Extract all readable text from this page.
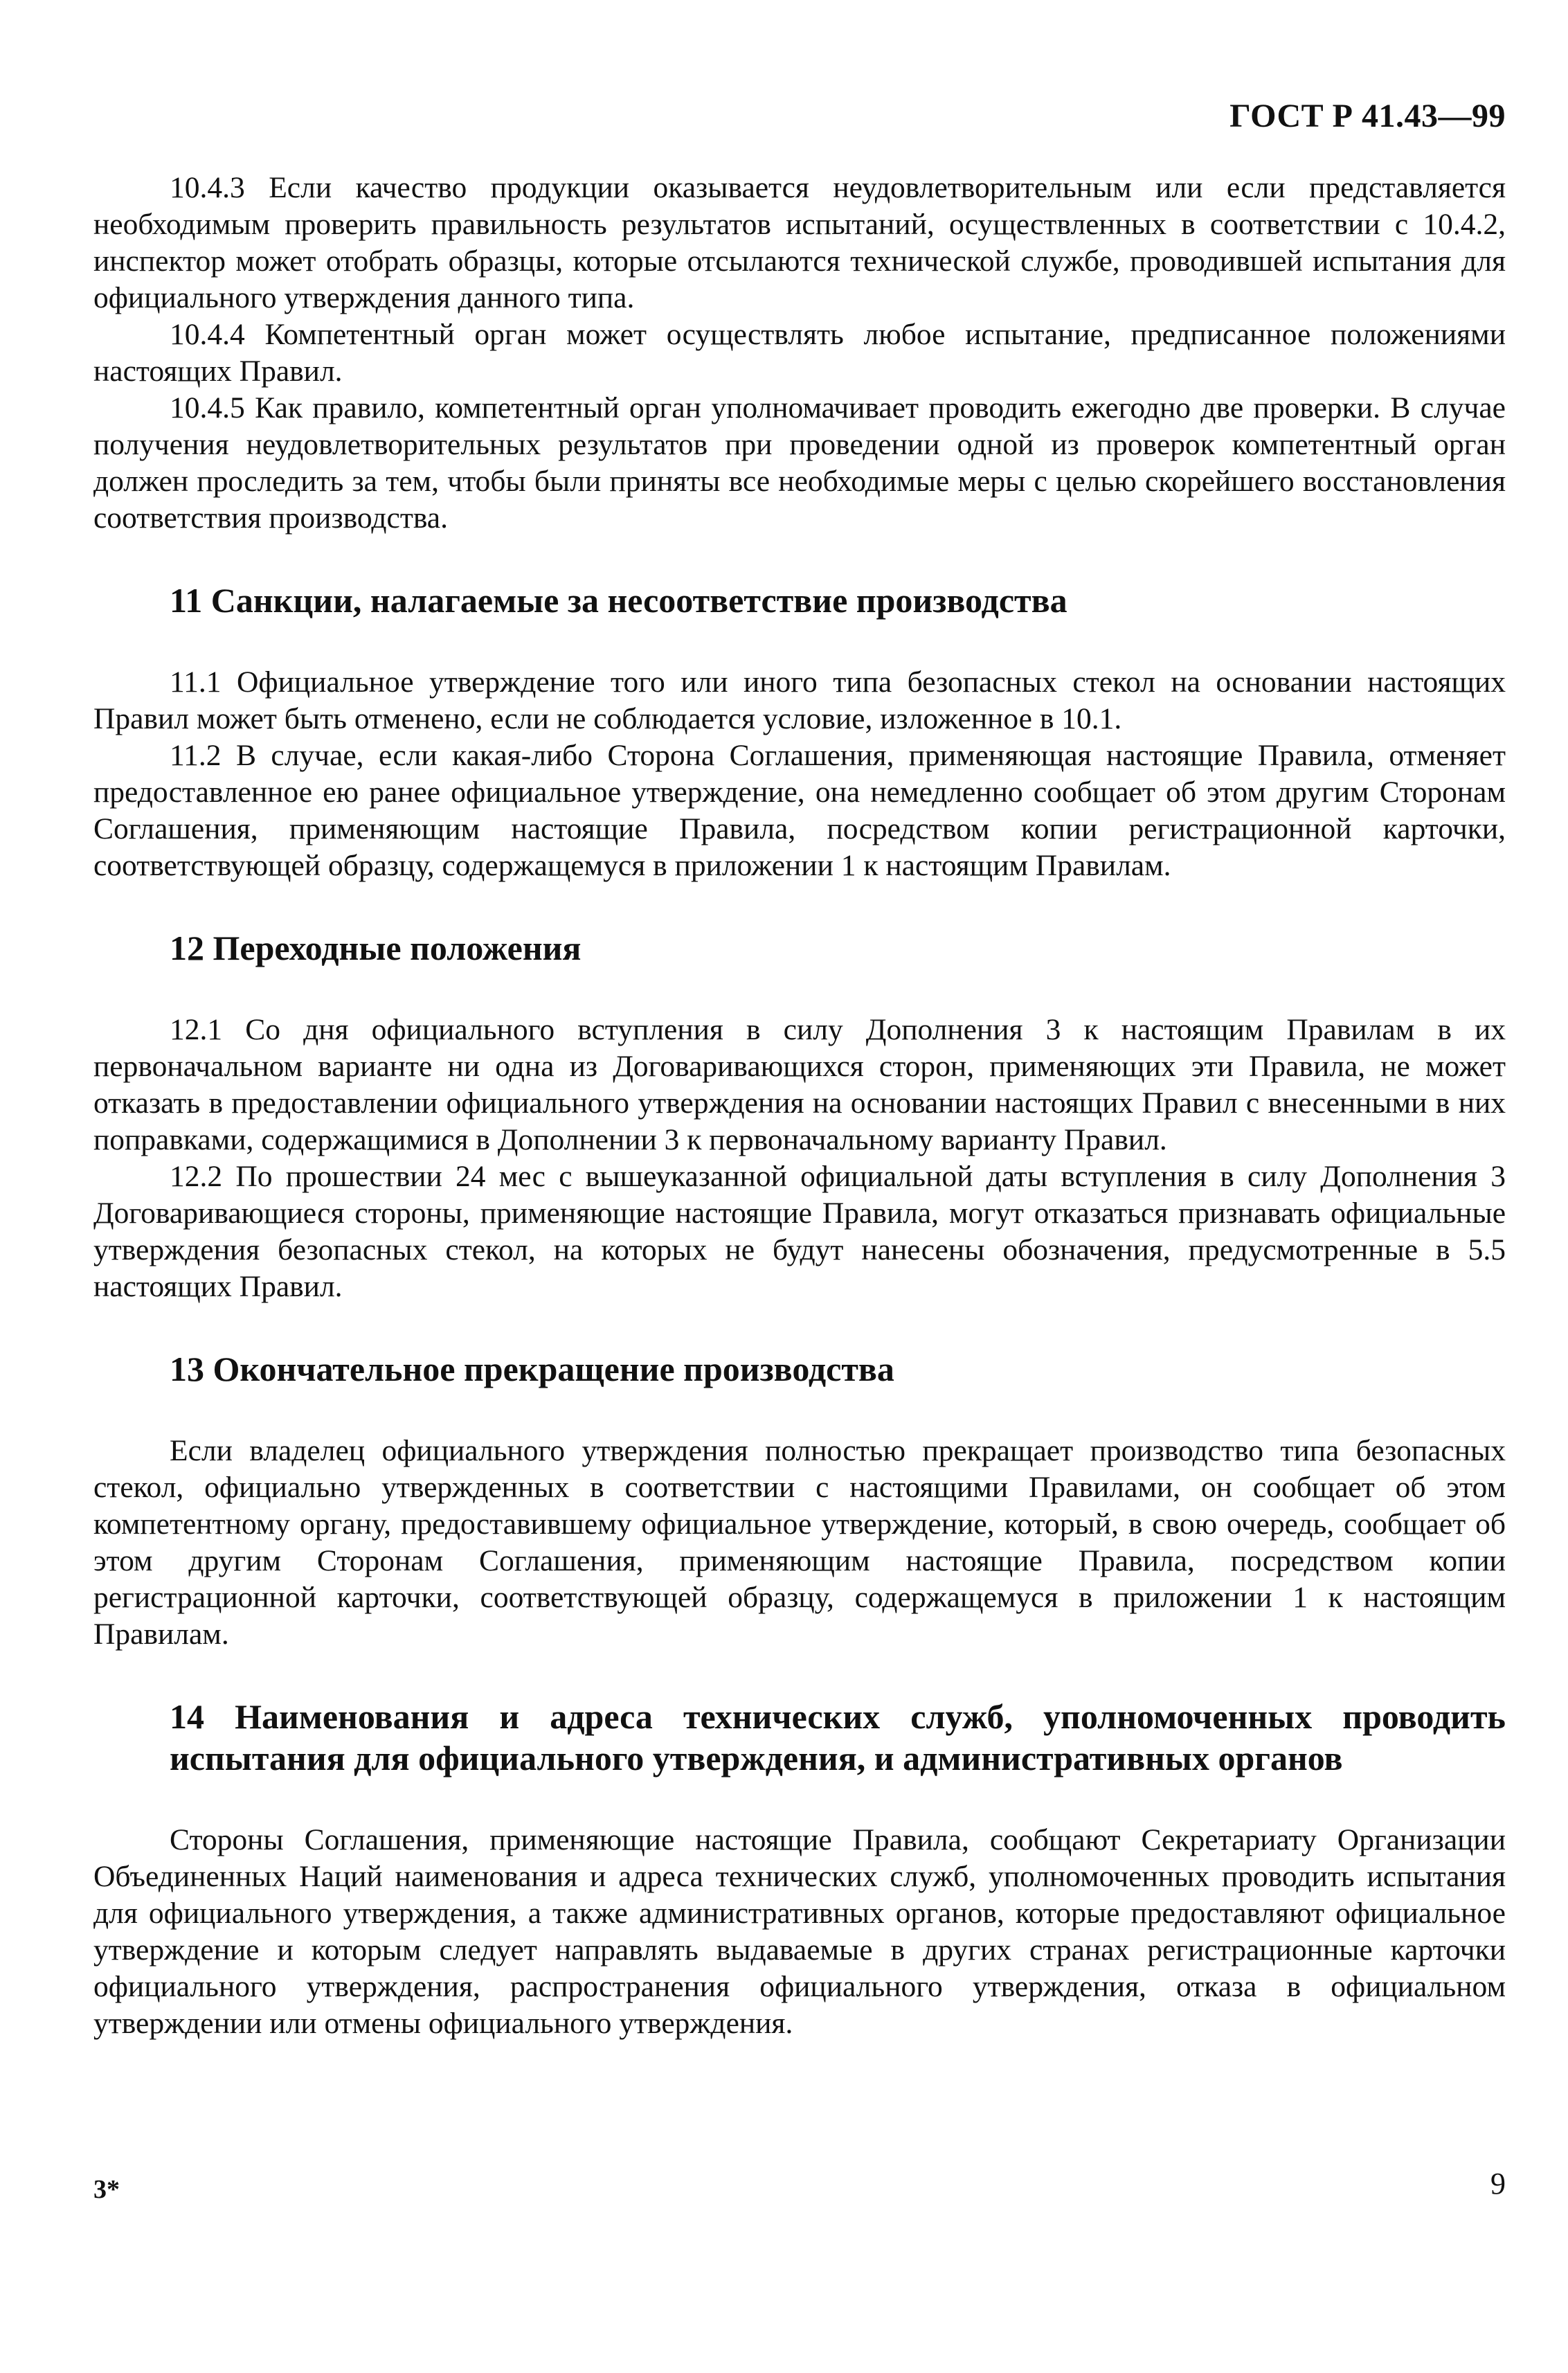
ГОСТ Р 41.43—99

10.4.3 Если качество продукции оказывается неудовлетворительным или если представляется необходимым проверить правильность результатов испытаний, осуществленных в соответствии с 10.4.2, инспектор может отобрать образцы, которые отсылаются технической службе, проводившей испытания для официального утверждения данного типа.

10.4.4 Компетентный орган может осуществлять любое испытание, предписанное положениями настоящих Правил.

10.4.5 Как правило, компетентный орган уполномачивает проводить ежегодно две проверки. В случае получения неудовлетворительных результатов при проведении одной из проверок компетентный орган должен проследить за тем, чтобы были приняты все необходимые меры с целью скорейшего восстановления соответствия производства.

11 Санкции, налагаемые за несоответствие производства

11.1 Официальное утверждение того или иного типа безопасных стекол на основании настоящих Правил может быть отменено, если не соблюдается условие, изложенное в 10.1.

11.2 В случае, если какая-либо Сторона Соглашения, применяющая настоящие Правила, отменяет предоставленное ею ранее официальное утверждение, она немедленно сообщает об этом другим Сторонам Соглашения, применяющим настоящие Правила, посредством копии регистрационной карточки, соответствующей образцу, содержащемуся в приложении 1 к настоящим Правилам.

12 Переходные положения

12.1 Со дня официального вступления в силу Дополнения 3 к настоящим Правилам в их первоначальном варианте ни одна из Договаривающихся сторон, применяющих эти Правила, не может отказать в предоставлении официального утверждения на основании настоящих Правил с внесенными в них поправками, содержащимися в Дополнении 3 к первоначальному варианту Правил.

12.2 По прошествии 24 мес с вышеуказанной официальной даты вступления в силу Дополнения 3 Договаривающиеся стороны, применяющие настоящие Правила, могут отказаться признавать официальные утверждения безопасных стекол, на которых не будут нанесены обозначения, предусмотренные в 5.5 настоящих Правил.

13 Окончательное прекращение производства

Если владелец официального утверждения полностью прекращает производство типа безопасных стекол, официально утвержденных в соответствии с настоящими Правилами, он сообщает об этом компетентному органу, предоставившему официальное утверждение, который, в свою очередь, сообщает об этом другим Сторонам Соглашения, применяющим настоящие Правила, посредством копии регистрационной карточки, соответствующей образцу, содержащемуся в приложении 1 к настоящим Правилам.

14 Наименования и адреса технических служб, уполномоченных проводить испытания для официального утверждения, и административных органов

Стороны Соглашения, применяющие настоящие Правила, сообщают Секретариату Организации Объединенных Наций наименования и адреса технических служб, уполномоченных проводить испытания для официального утверждения, а также административных органов, которые предоставляют официальное утверждение и которым следует направлять выдаваемые в других странах регистрационные карточки официального утверждения, распространения официального утверждения, отказа в официальном утверждении или отмены официального утверждения.

3*	9
